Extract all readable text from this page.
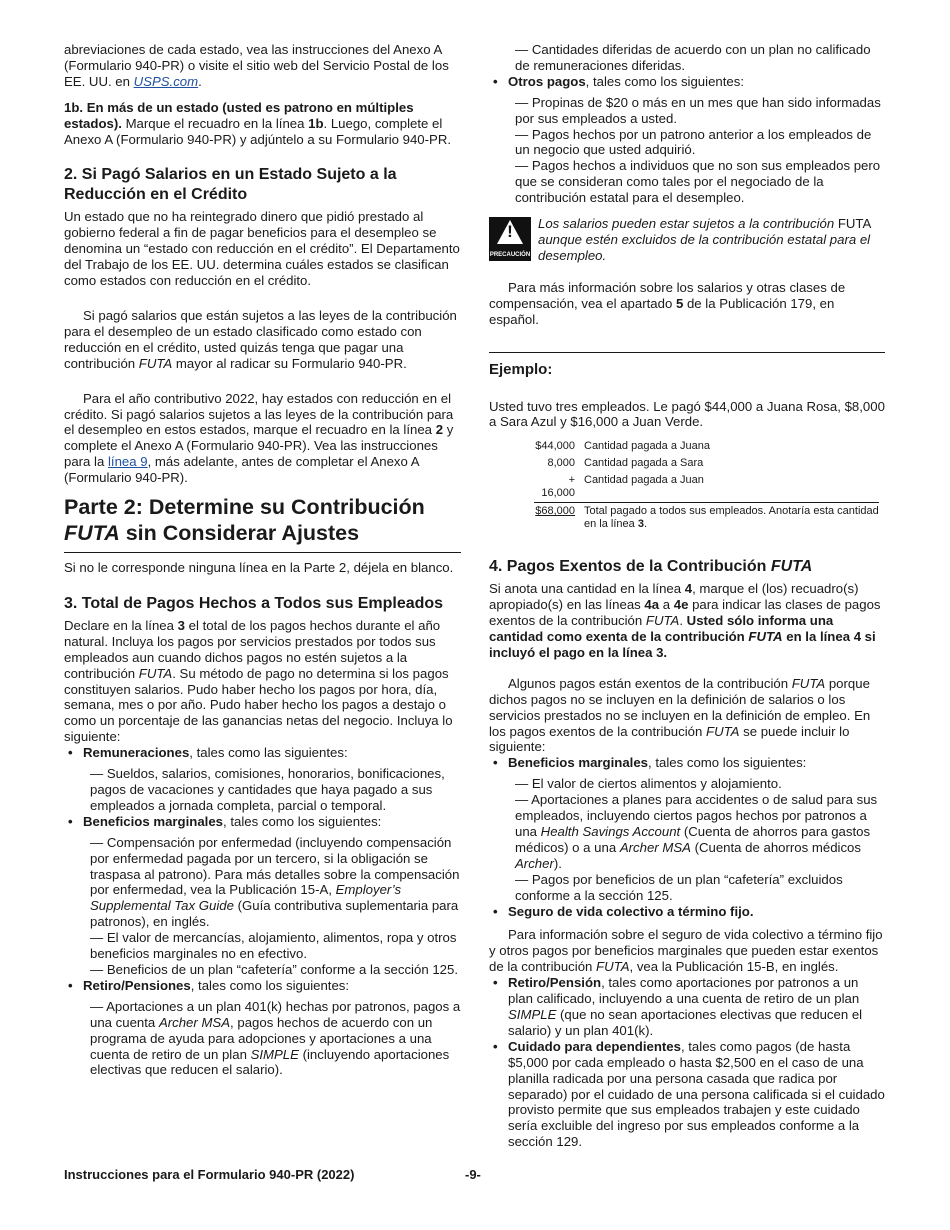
abreviaciones de cada estado, vea las instrucciones del Anexo A (Formulario 940-PR) o visite el sitio web del Servicio Postal de los EE. UU. en USPS.com.

1b. En más de un estado (usted es patrono en múltiples estados). Marque el recuadro en la línea 1b. Luego, complete el Anexo A (Formulario 940-PR) y adjúntelo a su Formulario 940-PR.

2. Si Pagó Salarios en un Estado Sujeto a la Reducción en el Crédito

Un estado que no ha reintegrado dinero que pidió prestado al gobierno federal a fin de pagar beneficios para el desempleo se denomina un “estado con reducción en el crédito”. El Departamento del Trabajo de los EE. UU. determina cuáles estados se clasifican como estados con reducción en el crédito.

Si pagó salarios que están sujetos a las leyes de la contribución para el desempleo de un estado clasificado como estado con reducción en el crédito, usted quizás tenga que pagar una contribución FUTA mayor al radicar su Formulario 940-PR.

Para el año contributivo 2022, hay estados con reducción en el crédito. Si pagó salarios sujetos a las leyes de la contribución para el desempleo en estos estados, marque el recuadro en la línea 2 y complete el Anexo A (Formulario 940-PR). Vea las instrucciones para la línea 9, más adelante, antes de completar el Anexo A (Formulario 940-PR).

Parte 2: Determine su Contribución FUTA sin Considerar Ajustes

Si no le corresponde ninguna línea en la Parte 2, déjela en blanco.

3. Total de Pagos Hechos a Todos sus Empleados

Declare en la línea 3 el total de los pagos hechos durante el año natural. Incluya los pagos por servicios prestados por todos sus empleados aun cuando dichos pagos no estén sujetos a la contribución FUTA. Su método de pago no determina si los pagos constituyen salarios. Pudo haber hecho los pagos por hora, día, semana, mes o por año. Pudo haber hecho los pagos a destajo o como un porcentaje de las ganancias netas del negocio. Incluya lo siguiente:

• Remuneraciones, tales como las siguientes:

— Sueldos, salarios, comisiones, honorarios, bonificaciones, pagos de vacaciones y cantidades que haya pagado a sus empleados a jornada completa, parcial o temporal.

• Beneficios marginales, tales como los siguientes:

— Compensación por enfermedad (incluyendo compensación por enfermedad pagada por un tercero, si la obligación se traspasa al patrono). Para más detalles sobre la compensación por enfermedad, vea la Publicación 15-A, Employer’s Supplemental Tax Guide (Guía contributiva suplementaria para patronos), en inglés.

— El valor de mercancías, alojamiento, alimentos, ropa y otros beneficios marginales no en efectivo.

— Beneficios de un plan “cafetería” conforme a la sección 125.

• Retiro/Pensiones, tales como los siguientes:

— Aportaciones a un plan 401(k) hechas por patronos, pagos a una cuenta Archer MSA, pagos hechos de acuerdo con un programa de ayuda para adopciones y aportaciones a una cuenta de retiro de un plan SIMPLE (incluyendo aportaciones electivas que reducen el salario).

— Cantidades diferidas de acuerdo con un plan no calificado de remuneraciones diferidas.

• Otros pagos, tales como los siguientes:

— Propinas de $20 o más en un mes que han sido informadas por sus empleados a usted.

— Pagos hechos por un patrono anterior a los empleados de un negocio que usted adquirió.

— Pagos hechos a individuos que no son sus empleados pero que se consideran como tales por el negociado de la contribución estatal para el desempleo.

!
PRECAUCIÓN
Los salarios pueden estar sujetos a la contribución FUTA aunque estén excluidos de la contribución estatal para el desempleo.

Para más información sobre los salarios y otras clases de compensación, vea el apartado 5 de la Publicación 179, en español.

Ejemplo:

Usted tuvo tres empleados. Le pagó $44,000 a Juana Rosa, $8,000 a Sara Azul y $16,000 a Juan Verde.

$44,000	Cantidad pagada a Juana
8,000	Cantidad pagada a Sara
+ 16,000	Cantidad pagada a Juan
$68,000	Total pagado a todos sus empleados. Anotaría esta cantidad en la línea 3.
4. Pagos Exentos de la Contribución FUTA

Si anota una cantidad en la línea 4, marque el (los) recuadro(s) apropiado(s) en las líneas 4a a 4e para indicar las clases de pagos exentos de la contribución FUTA. Usted sólo informa una cantidad como exenta de la contribución FUTA en la línea 4 si incluyó el pago en la línea 3.

Algunos pagos están exentos de la contribución FUTA porque dichos pagos no se incluyen en la definición de salarios o los servicios prestados no se incluyen en la definición de empleo. En los pagos exentos de la contribución FUTA se puede incluir lo siguiente:

• Beneficios marginales, tales como los siguientes:

— El valor de ciertos alimentos y alojamiento.

— Aportaciones a planes para accidentes o de salud para sus empleados, incluyendo ciertos pagos hechos por patronos a una Health Savings Account (Cuenta de ahorros para gastos médicos) o a una Archer MSA (Cuenta de ahorros médicos Archer).

— Pagos por beneficios de un plan “cafetería” excluidos conforme a la sección 125.

• Seguro de vida colectivo a término fijo.

Para información sobre el seguro de vida colectivo a término fijo y otros pagos por beneficios marginales que pueden estar exentos de la contribución FUTA, vea la Publicación 15-B, en inglés.

• Retiro/Pensión, tales como aportaciones por patronos a un plan calificado, incluyendo a una cuenta de retiro de un plan SIMPLE (que no sean aportaciones electivas que reducen el salario) y un plan 401(k).

• Cuidado para dependientes, tales como pagos (de hasta $5,000 por cada empleado o hasta $2,500 en el caso de una planilla radicada por una persona casada que radica por separado) por el cuidado de una persona calificada si el cuidado provisto permite que sus empleados trabajen y este cuidado sería excluible del ingreso por sus empleados conforme a la sección 129.

Instrucciones para el Formulario 940-PR (2022)	-9-
